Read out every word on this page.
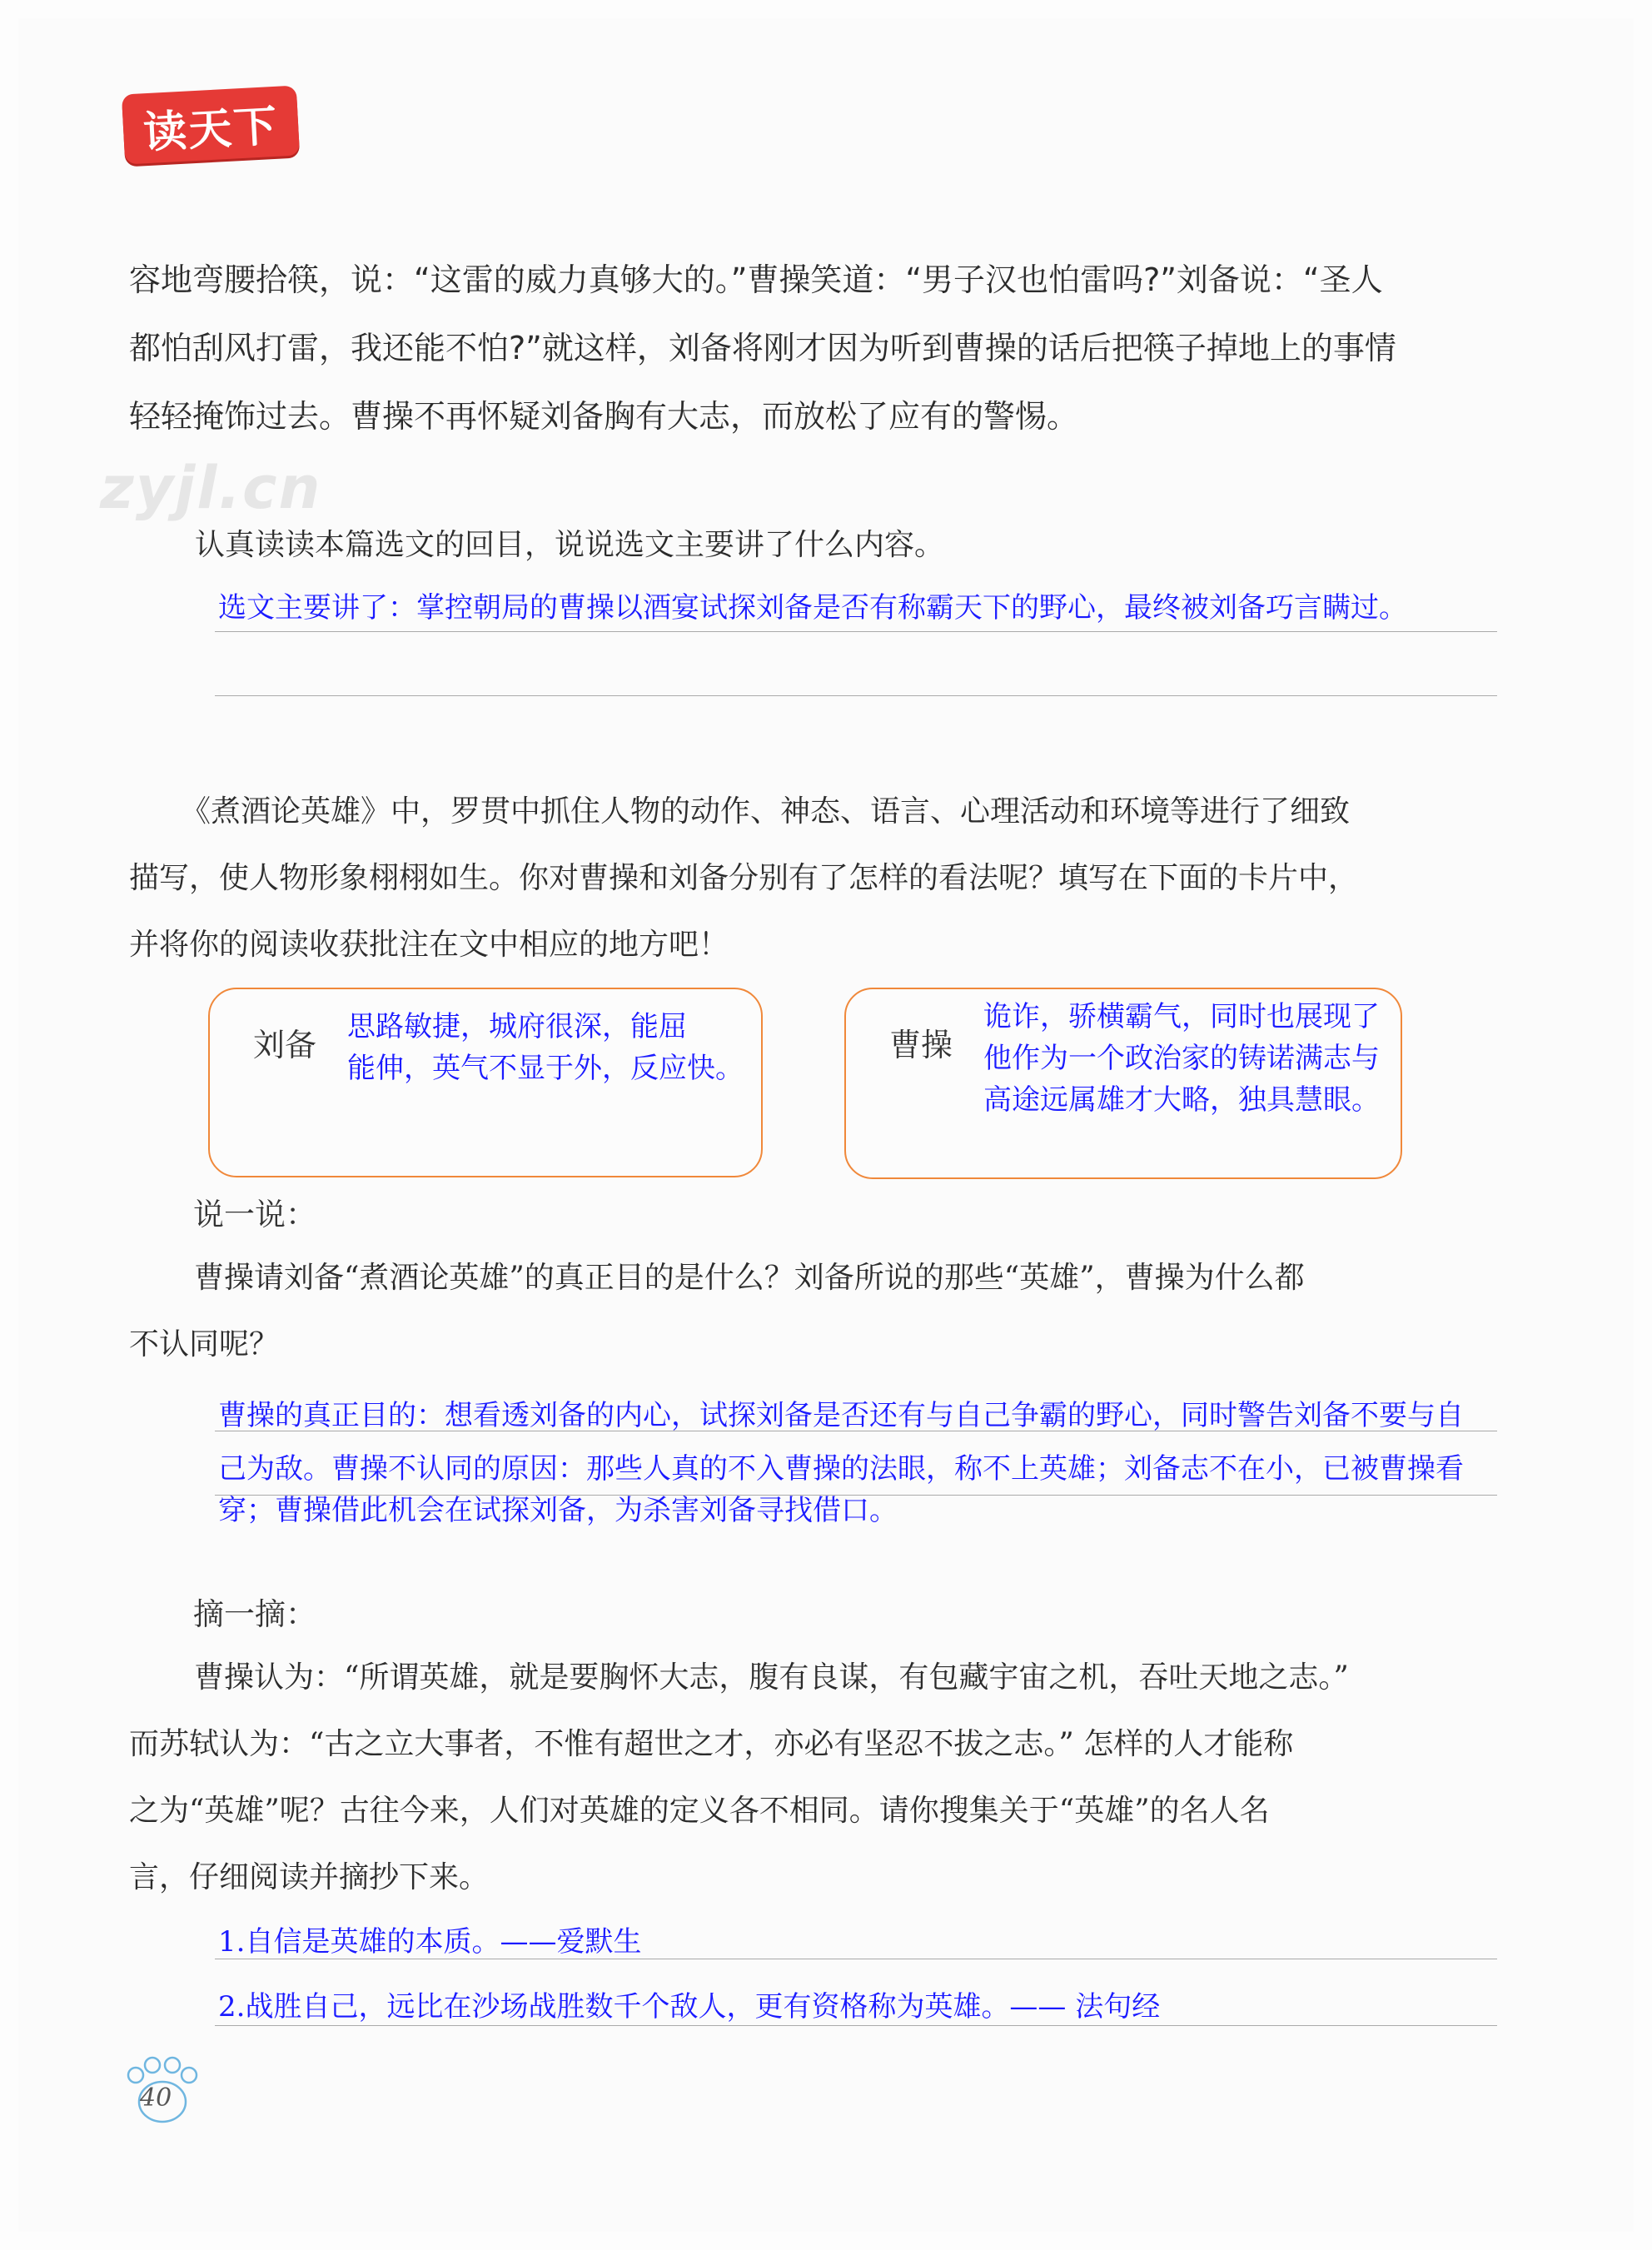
读天下
zyjl.cn
容地弯腰拾筷，说：“这雷的威力真够大的。”曹操笑道：“男子汉也怕雷吗?”刘备说：“圣人
都怕刮风打雷，我还能不怕?”就这样，刘备将刚才因为听到曹操的话后把筷子掉地上的事情
轻轻掩饰过去。曹操不再怀疑刘备胸有大志，而放松了应有的警惕。
认真读读本篇选文的回目，说说选文主要讲了什么内容。
选文主要讲了：掌控朝局的曹操以酒宴试探刘备是否有称霸天下的野心，最终被刘备巧言瞒过。
《煮酒论英雄》中，罗贯中抓住人物的动作、神态、语言、心理活动和环境等进行了细致
描写，使人物形象栩栩如生。你对曹操和刘备分别有了怎样的看法呢？填写在下面的卡片中，
并将你的阅读收获批注在文中相应的地方吧！
刘备 思路敏捷，城府很深，能屈
能伸，英气不显于外，反应快。
曹操
诡诈，骄横霸气，同时也展现了
他作为一个政治家的铸诺满志与
高途远属雄才大略，独具慧眼。
说一说：
曹操请刘备“煮酒论英雄”的真正目的是什么？刘备所说的那些“英雄”，曹操为什么都
不认同呢？
曹操的真正目的：想看透刘备的内心，试探刘备是否还有与自己争霸的野心，同时警告刘备不要与自
己为敌。曹操不认同的原因：那些人真的不入曹操的法眼，称不上英雄；刘备志不在小，已被曹操看
穿；曹操借此机会在试探刘备，为杀害刘备寻找借口。
摘一摘：
曹操认为：“所谓英雄，就是要胸怀大志，腹有良谋，有包藏宇宙之机，吞吐天地之志。”
而苏轼认为：“古之立大事者，不惟有超世之才，亦必有坚忍不拔之志。” 怎样的人才能称
之为“英雄”呢？古往今来，人们对英雄的定义各不相同。请你搜集关于“英雄”的名人名
言，仔细阅读并摘抄下来。
1.自信是英雄的本质。——爱默生
2.战胜自己，远比在沙场战胜数千个敌人，更有资格称为英雄。—— 法句经
40
